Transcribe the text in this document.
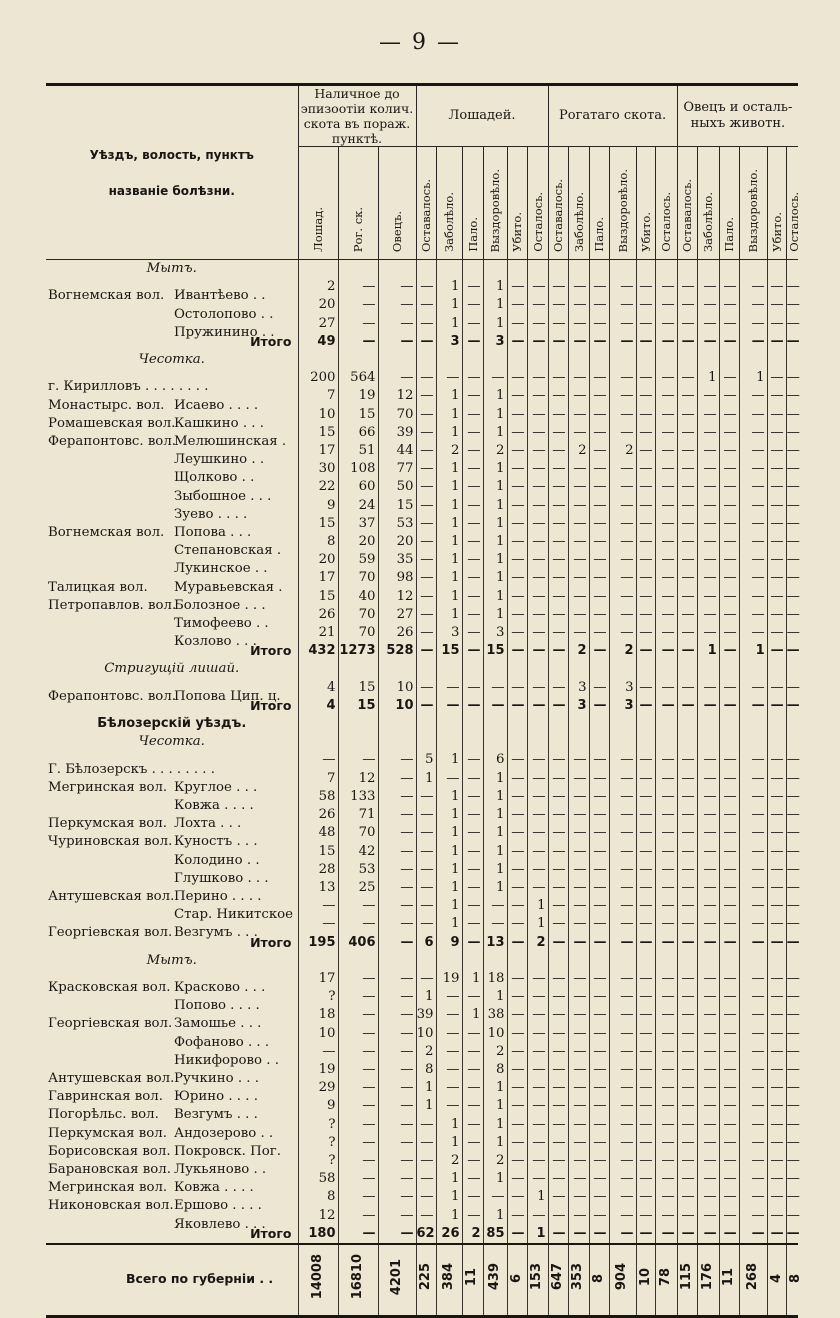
— 9 —
Уѣздъ, волость, пунктъ
названіе болѣзни.	Наличное до эпизоотіи колич. скота въ пораж. пунктѣ.			Лошадей.						Рогатаго скота.						Овецъ и осталь-ныхъ животн.					
	Лошад.	Рог. ск.	Овецъ.	Оставалось.	Заболѣло.	Пало.	Выздоровѣло.	Убито.	Осталось.	Оставалось.	Заболѣло.	Пало.	Выздоровѣло.	Убито.	Осталось.	Оставалось.	Заболѣло.	Пало.	Выздоровѣло.	Убито.	Осталось.
Мытъ.																					

Вогнемская вол. Ивантѣево . .	2	—	—	—	1	—	1	—	—	—	—	—	—	—	—	—	—	—	—	—	—

Остолопово . .	20	—	—	—	1	—	1	—	—	—	—	—	—	—	—	—	—	—	—	—	—

Пружинино . .	27	—	—	—	1	—	1	—	—	—	—	—	—	—	—	—	—	—	—	—	—
Итого	49	—	—	—	3	—	3	—	—	—	—	—	—	—	—	—	—	—	—	—	—
Чесотка.																					

г. Кирилловъ . . . . . . . .	200	564	—	—	—	—	—	—	—	—	—	—	—	—	—	—	1	—	1	—	—

Монастырс. вол. Исаево . . . .	7	19	12	—	1	—	1	—	—	—	—	—	—	—	—	—	—	—	—	—	—

Ромашевская вол.
Кашкино . . .	10	15	70	—	1	—	1	—	—	—	—	—	—	—	—	—	—	—	—	—	—

Ферапонтовс. вол.
Мелюшинская .	15	66	39	—	1	—	1	—	—	—	—	—	—	—	—	—	—	—	—	—	—

Леушкино . .	17	51	44	—	2	—	2	—	—	—	2	—	2	—	—	—	—	—	—	—	—

Щолково . .	30	108	77	—	1	—	1	—	—	—	—	—	—	—	—	—	—	—	—	—	—

Зыбошное . . .	22	60	50	—	1	—	1	—	—	—	—	—	—	—	—	—	—	—	—	—	—

Зуево . . . .	9	24	15	—	1	—	1	—	—	—	—	—	—	—	—	—	—	—	—	—	—

Вогнемская вол. Попова . . .	15	37	53	—	1	—	1	—	—	—	—	—	—	—	—	—	—	—	—	—	—

Степановская .	8	20	20	—	1	—	1	—	—	—	—	—	—	—	—	—	—	—	—	—	—

Лукинское . .	20	59	35	—	1	—	1	—	—	—	—	—	—	—	—	—	—	—	—	—	—

Талицкая вол. Муравьевская .	17	70	98	—	1	—	1	—	—	—	—	—	—	—	—	—	—	—	—	—	—

Петропавлов. вол.
Болозное . . .	15	40	12	—	1	—	1	—	—	—	—	—	—	—	—	—	—	—	—	—	—

Тимофеево . .	26	70	27	—	1	—	1	—	—	—	—	—	—	—	—	—	—	—	—	—	—

Козлово . . .	21	70	26	—	3	—	3	—	—	—	—	—	—	—	—	—	—	—	—	—	—
Итого	432	1273	528	—	15	—	15	—	—	—	2	—	2	—	—	—	1	—	1	—	—
Стригущій лишай.																					

Ферапонтовс. вол.
Попова Цип. ц.	4	15	10	—	—	—	—	—	—	—	3	—	3	—	—	—	—	—	—	—	—
Итого	4	15	10	—	—	—	—	—	—	—	3	—	3	—	—	—	—	—	—	—	—
Бѣлозерскій уѣздъ.																					
Чесотка.																					

Г. Бѣлозерскъ . . . . . . . .	—	—	—	5	1	—	6	—	—	—	—	—	—	—	—	—	—	—	—	—	—

Мегринская вол. Круглое . . .	7	12	—	1	—	—	1	—	—	—	—	—	—	—	—	—	—	—	—	—	—

Ковжа . . . .	58	133	—	—	1	—	1	—	—	—	—	—	—	—	—	—	—	—	—	—	—

Перкумская вол. Лохта . . .	26	71	—	—	1	—	1	—	—	—	—	—	—	—	—	—	—	—	—	—	—

Чуриновская вол. Куностъ . . .	48	70	—	—	1	—	1	—	—	—	—	—	—	—	—	—	—	—	—	—	—

Колодино . .	15	42	—	—	1	—	1	—	—	—	—	—	—	—	—	—	—	—	—	—	—

Глушково . . .	28	53	—	—	1	—	1	—	—	—	—	—	—	—	—	—	—	—	—	—	—

Антушевская вол. Перино . . . .	13	25	—	—	1	—	1	—	—	—	—	—	—	—	—	—	—	—	—	—	—

Стар. Никитское	—	—	—	—	1	—	—	—	1	—	—	—	—	—	—	—	—	—	—	—	—

Георгіевская вол. Везгумъ . . .	—	—	—	—	1	—	—	—	1	—	—	—	—	—	—	—	—	—	—	—	—
Итого	195	406	—	6	9	—	13	—	2	—	—	—	—	—	—	—	—	—	—	—	—
Мытъ.																					

Красковская вол. Красково . . .	17	—	—	—	19	1	18	—	—	—	—	—	—	—	—	—	—	—	—	—	—

Попово . . . .	?	—	—	1	—	—	1	—	—	—	—	—	—	—	—	—	—	—	—	—	—

Георгіевская вол. Замошье . . .	18	—	—	39	—	1	38	—	—	—	—	—	—	—	—	—	—	—	—	—	—

Фофаново . . .	10	—	—	10	—	—	10	—	—	—	—	—	—	—	—	—	—	—	—	—	—

Никифорово . .	—	—	—	2	—	—	2	—	—	—	—	—	—	—	—	—	—	—	—	—	—

Антушевская вол. Ручкино . . .	19	—	—	8	—	—	8	—	—	—	—	—	—	—	—	—	—	—	—	—	—

Гавринская вол. Юрино . . . .	29	—	—	1	—	—	1	—	—	—	—	—	—	—	—	—	—	—	—	—	—

Погорѣльс. вол. Везгумъ . . .	9	—	—	1	—	—	1	—	—	—	—	—	—	—	—	—	—	—	—	—	—

Перкумская вол. Андозерово . .	?	—	—	—	1	—	1	—	—	—	—	—	—	—	—	—	—	—	—	—	—

Борисовская вол. Покровск. Пог.	?	—	—	—	1	—	1	—	—	—	—	—	—	—	—	—	—	—	—	—	—

Барановская вол. Лукьяново . .	?	—	—	—	2	—	2	—	—	—	—	—	—	—	—	—	—	—	—	—	—

Мегринская вол. Ковжа . . . .	58	—	—	—	1	—	1	—	—	—	—	—	—	—	—	—	—	—	—	—	—

Никоновская вол. Ершово . . . .	8	—	—	—	1	—	—	—	1	—	—	—	—	—	—	—	—	—	—	—	—

Яковлево . . .	12	—	—	—	1	—	1	—	—	—	—	—	—	—	—	—	—	—	—	—	—
Итого	180	—	—	62	26	2	85	—	1	—	—	—	—	—	—	—	—	—	—	—	—
Всего по губерніи . .	14008	16810	4201	225	384	11	439	6	153	647	353	8	904	10	78	115	176	11	268	4	8
